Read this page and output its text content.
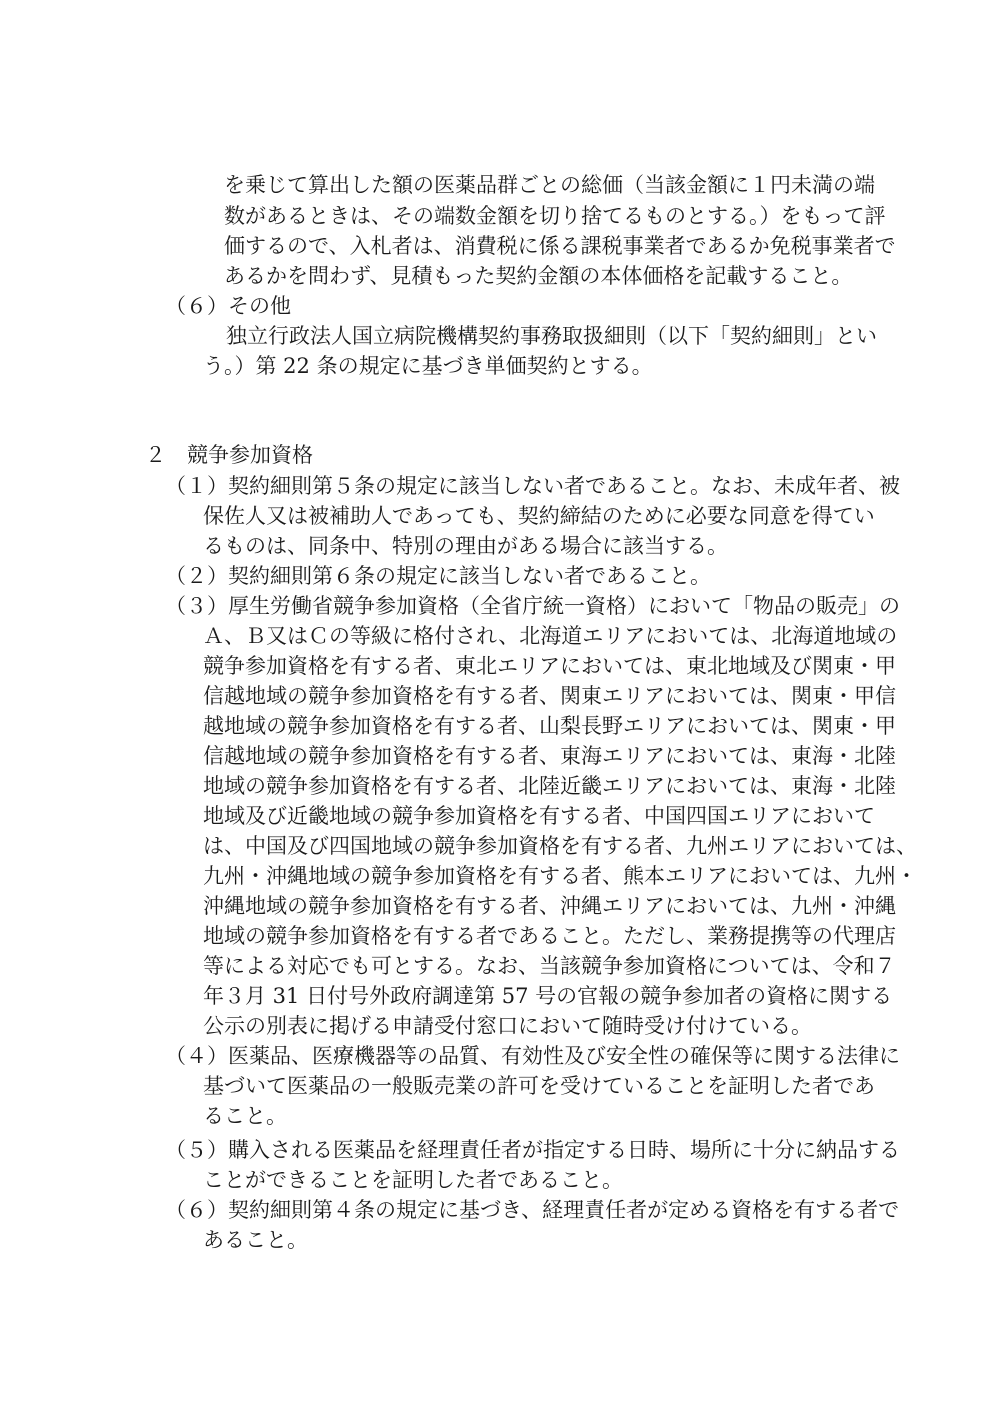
を乗じて算出した額の医薬品群ごとの総価（当該金額に１円未満の端
数があるときは、その端数金額を切り捨てるものとする。）をもって評
価するので、入札者は、消費税に係る課税事業者であるか免税事業者で
あるかを問わず、見積もった契約金額の本体価格を記載すること。
（６）その他
独立行政法人国立病院機構契約事務取扱細則（以下「契約細則」とい
う。）第 22 条の規定に基づき単価契約とする。
２　競争参加資格
（１）契約細則第５条の規定に該当しない者であること。なお、未成年者、被
保佐人又は被補助人であっても、契約締結のために必要な同意を得てい
るものは、同条中、特別の理由がある場合に該当する。
（２）契約細則第６条の規定に該当しない者であること。
（３）厚生労働省競争参加資格（全省庁統一資格）において「物品の販売」の
Ａ、Ｂ又はＣの等級に格付され、北海道エリアにおいては、北海道地域の
競争参加資格を有する者、東北エリアにおいては、東北地域及び関東・甲
信越地域の競争参加資格を有する者、関東エリアにおいては、関東・甲信
越地域の競争参加資格を有する者、山梨長野エリアにおいては、関東・甲
信越地域の競争参加資格を有する者、東海エリアにおいては、東海・北陸
地域の競争参加資格を有する者、北陸近畿エリアにおいては、東海・北陸
地域及び近畿地域の競争参加資格を有する者、中国四国エリアにおいて
は、中国及び四国地域の競争参加資格を有する者、九州エリアにおいては、
九州・沖縄地域の競争参加資格を有する者、熊本エリアにおいては、九州・
沖縄地域の競争参加資格を有する者、沖縄エリアにおいては、九州・沖縄
地域の競争参加資格を有する者であること。ただし、業務提携等の代理店
等による対応でも可とする。なお、当該競争参加資格については、令和７
年３月 31 日付号外政府調達第 57 号の官報の競争参加者の資格に関する
公示の別表に掲げる申請受付窓口において随時受け付けている。
（４）医薬品、医療機器等の品質、有効性及び安全性の確保等に関する法律に
基づいて医薬品の一般販売業の許可を受けていることを証明した者であ
ること。
（５）購入される医薬品を経理責任者が指定する日時、場所に十分に納品する
ことができることを証明した者であること。
（６）契約細則第４条の規定に基づき、経理責任者が定める資格を有する者で
あること。
